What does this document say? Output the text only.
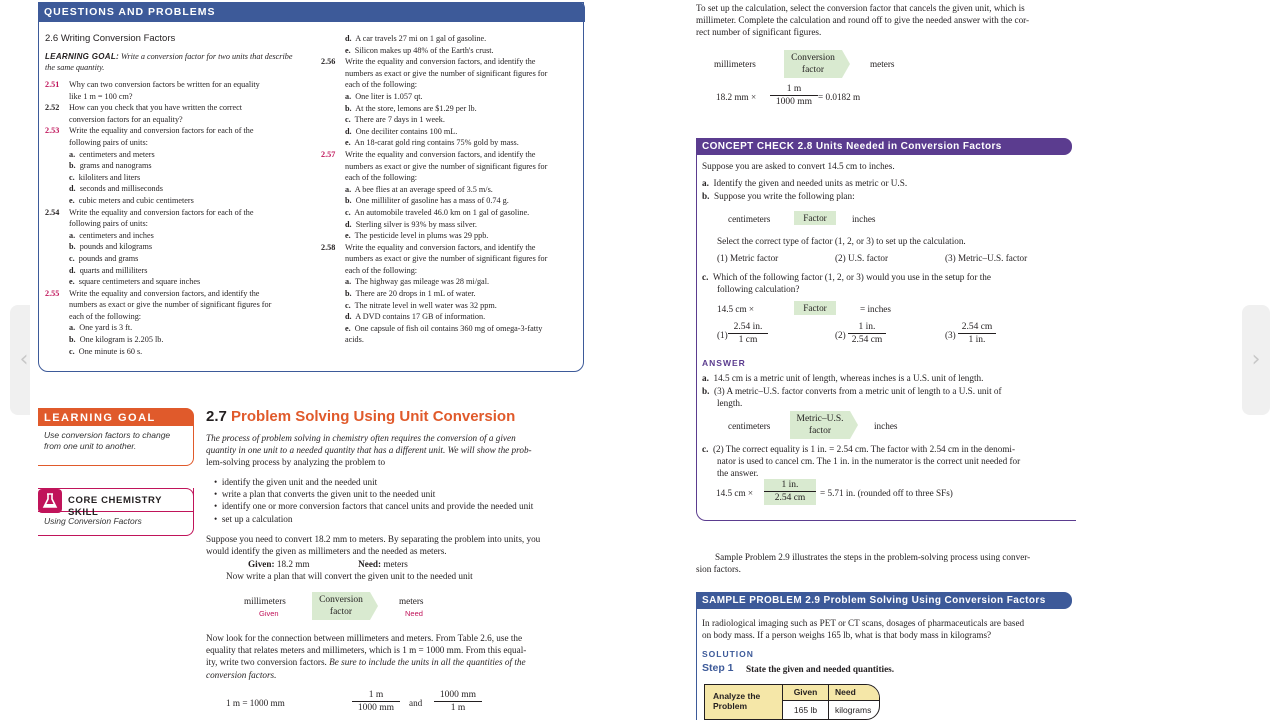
‹	›
QUESTIONS AND PROBLEMS
2.6 Writing Conversion Factors
LEARNING GOAL: Write a conversion factor for two units that describe the same quantity.
2.51 Why can two conversion factors be written for an equality
like 1 m = 100 cm?
2.52 How can you check that you have written the correct
conversion factors for an equality?
2.53 Write the equality and conversion factors for each of the
following pairs of units:
a. centimeters and meters
b. grams and nanograms
c. kiloliters and liters
d. seconds and milliseconds
e. cubic meters and cubic centimeters
2.54 Write the equality and conversion factors for each of the
following pairs of units:
a. centimeters and inches
b. pounds and kilograms
c. pounds and grams
d. quarts and milliliters
e. square centimeters and square inches
2.55 Write the equality and conversion factors, and identify the
numbers as exact or give the number of significant figures for
each of the following:
a. One yard is 3 ft.
b. One kilogram is 2.205 lb.
c. One minute is 60 s.
d. A car travels 27 mi on 1 gal of gasoline.
e. Silicon makes up 48% of the Earth's crust.
2.56 Write the equality and conversion factors, and identify the
numbers as exact or give the number of significant figures for
each of the following:
a. One liter is 1.057 qt.
b. At the store, lemons are $1.29 per lb.
c. There are 7 days in 1 week.
d. One deciliter contains 100 mL.
e. An 18-carat gold ring contains 75% gold by mass.
2.57 Write the equality and conversion factors, and identify the
numbers as exact or give the number of significant figures for
each of the following:
a. A bee flies at an average speed of 3.5 m/s.
b. One milliliter of gasoline has a mass of 0.74 g.
c. An automobile traveled 46.0 km on 1 gal of gasoline.
d. Sterling silver is 93% by mass silver.
e. The pesticide level in plums was 29 ppb.
2.58 Write the equality and conversion factors, and identify the
numbers as exact or give the number of significant figures for
each of the following:
a. The highway gas mileage was 28 mi/gal.
b. There are 20 drops in 1 mL of water.
c. The nitrate level in well water was 32 ppm.
d. A DVD contains 17 GB of information.
e. One capsule of fish oil contains 360 mg of omega-3-fatty
acids.
LEARNING GOAL
Use conversion factors to change from one unit to another.
CORE CHEMISTRY SKILL
Using Conversion Factors
2.7 Problem Solving Using Unit Conversion
The process of problem solving in chemistry often requires the conversion of a given
quantity in one unit to a needed quantity that has a different unit. We will show the prob-
lem-solving process by analyzing the problem to
•  identify the given unit and the needed unit
•  write a plan that converts the given unit to the needed unit
•  identify one or more conversion factors that cancel units and provide the needed unit
•  set up a calculation
Suppose you need to convert 18.2 mm to meters. By separating the problem into units, you
would identify the given as millimeters and the needed as meters.
Given: 18.2 mm	Need: meters
Now write a plan that will convert the given unit to the needed unit
millimeters
Given
Conversion
factor
meters
Need
Now look for the connection between millimeters and meters. From Table 2.6, use the
equality that relates meters and millimeters, which is 1 m = 1000 mm. From this equal-
ity, write two conversion factors. Be sure to include the units in all the quantities of the
conversion factors.
1 m = 1000 mm	$\frac{1 m}{1000 mm}$ and $\frac{1000 mm}{1 m}$
To set up the calculation, select the conversion factor that cancels the given unit, which is
millimeter. Complete the calculation and round off to give the needed answer with the cor-
rect number of significant figures.
millimeters
Conversion
factor
meters
18.2 mm × $\frac{1 m}{1000 mm} = 0.0182$ m
CONCEPT CHECK 2.8 Units Needed in Conversion Factors
Suppose you are asked to convert 14.5 cm to inches.
a. Identify the given and needed units as metric or U.S.
b. Suppose you write the following plan:
centimeters	Factor	inches
Select the correct type of factor (1, 2, or 3) to set up the calculation.
(1) Metric factor	(2) U.S. factor	(3) Metric–U.S. factor
c. Which of the following factor (1, 2, or 3) would you use in the setup for the
following calculation?
14.5 cm ×	Factor	= inches
$(1) \frac{2.54 in.}{1 cm}$	$(2) \frac{1 in.}{2.54 cm}$	$(3) \frac{2.54 cm}{1 in.}$
ANSWER
a. 14.5 cm is a metric unit of length, whereas inches is a U.S. unit of length.
b. (3) A metric–U.S. factor converts from a metric unit of length to a U.S. unit of
length.
centimeters
Metric–U.S.
factor	inches
c. (2) The correct equality is 1 in. = 2.54 cm. The factor with 2.54 cm in the denomi-
nator is used to cancel cm. The 1 in. in the numerator is the correct unit needed for
the answer.
14.5 cm × $\frac{1 in.}{2.54 cm} = 5.71$ in. (rounded off to three SFs)
Sample Problem 2.9 illustrates the steps in the problem-solving process using conver-
sion factors.
SAMPLE PROBLEM 2.9 Problem Solving Using Conversion Factors
In radiological imaging such as PET or CT scans, dosages of pharmaceuticals are based
on body mass. If a person weighs 165 lb, what is that body mass in kilograms?
SOLUTION
Step 1 State the given and needed quantities.
Analyze the
Problem
Given	Need
165 lb	kilograms
